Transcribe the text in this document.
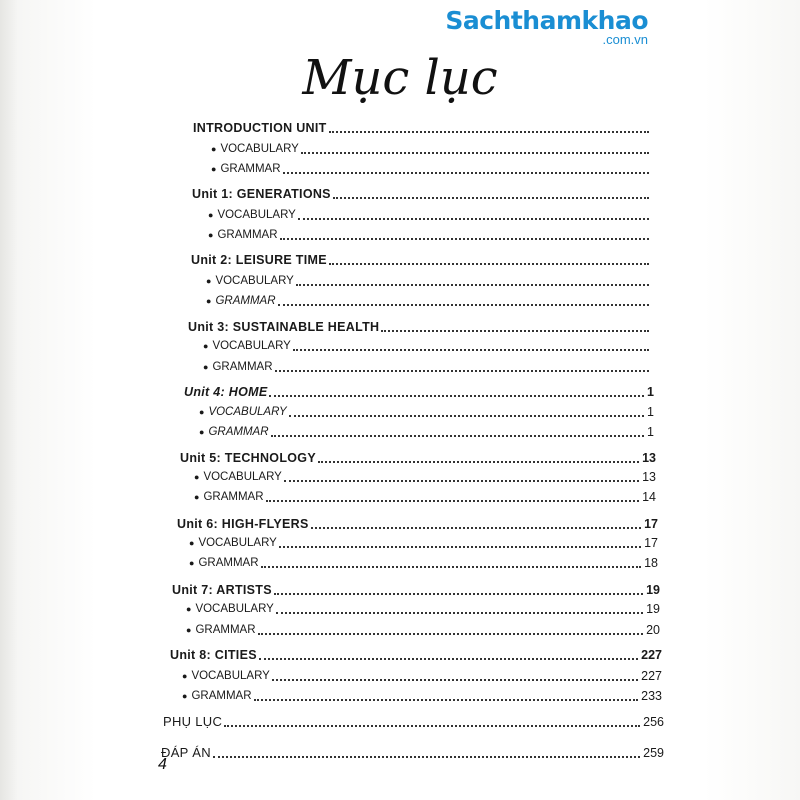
Sachthamkhao
.com.vn
Mục lục
INTRODUCTION UNIT
● VOCABULARY
● GRAMMAR
Unit 1: GENERATIONS
● VOCABULARY
● GRAMMAR
Unit 2: LEISURE TIME
● VOCABULARY
● GRAMMAR
Unit 3: SUSTAINABLE HEALTH
● VOCABULARY
● GRAMMAR
Unit 4: HOME	1
● VOCABULARY	1
● GRAMMAR	1
Unit 5: TECHNOLOGY	13
● VOCABULARY	13
● GRAMMAR	14
Unit 6: HIGH-FLYERS	17
● VOCABULARY	17
● GRAMMAR	18
Unit 7: ARTISTS	19
● VOCABULARY	19
● GRAMMAR	20
Unit 8: CITIES	227
● VOCABULARY	227
● GRAMMAR	233
PHỤ LỤC	256
ĐÁP ÁN	259
4
